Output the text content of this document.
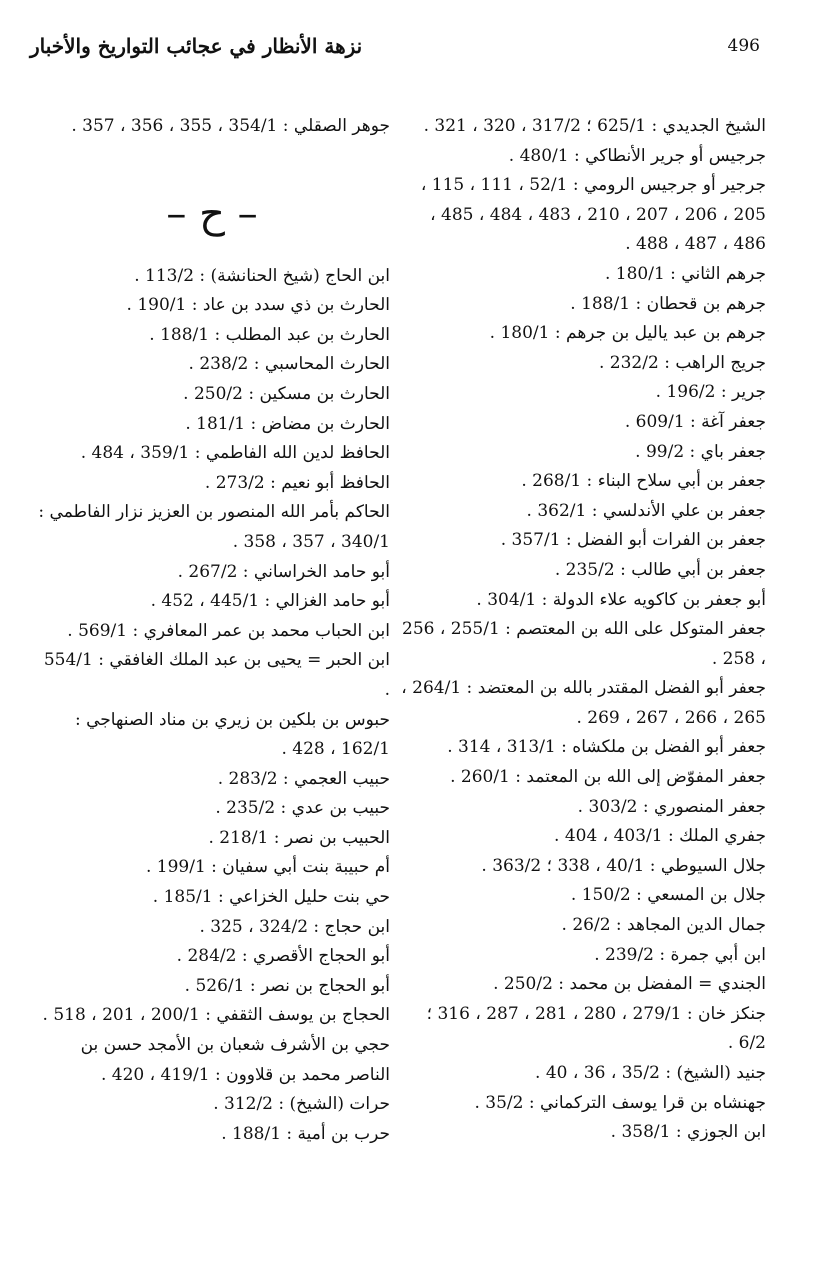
496
نزهة الأنظار في عجائب التواريخ والأخبار
الشيخ الجديدي : 625/1 ؛ 317/2 ، 320 ، 321 .
جرجيس أو جرير الأنطاكي : 480/1 .
جرجير أو جرجيس الرومي : 52/1 ، 111 ، 115 ، 205 ، 206 ، 207 ، 210 ، 483 ، 484 ، 485 ، 486 ، 487 ، 488 .
جرهم الثاني : 180/1 .
جرهم بن قحطان : 188/1 .
جرهم بن عبد ياليل بن جرهم : 180/1 .
جريج الراهب : 232/2 .
جرير : 196/2 .
جعفر آغة : 609/1 .
جعفر باي : 99/2 .
جعفر بن أبي سلاح البناء : 268/1 .
جعفر بن علي الأندلسي : 362/1 .
جعفر بن الفرات أبو الفضل : 357/1 .
جعفر بن أبي طالب : 235/2 .
أبو جعفر بن كاكويه علاء الدولة : 304/1 .
جعفر المتوكل على الله بن المعتصم : 255/1 ، 256 ، 258 .
جعفر أبو الفضل المقتدر بالله بن المعتضد : 264/1 ، 265 ، 266 ، 267 ، 269 .
جعفر أبو الفضل بن ملكشاه : 313/1 ، 314 .
جعفر المفوّض إلى الله بن المعتمد : 260/1 .
جعفر المنصوري : 303/2 .
جفري الملك : 403/1 ، 404 .
جلال السيوطي : 40/1 ، 338 ؛ 363/2 .
جلال بن المسعي : 150/2 .
جمال الدين المجاهد : 26/2 .
ابن أبي جمرة : 239/2 .
الجندي = المفضل بن محمد : 250/2 .
جنكز خان : 279/1 ، 280 ، 281 ، 287 ، 316 ؛ 6/2 .
جنيد (الشيخ) : 35/2 ، 36 ، 40 .
جهنشاه بن قرا يوسف التركماني : 35/2 .
ابن الجوزي : 358/1 .
جوهر الصقلي : 354/1 ، 355 ، 356 ، 357 .
– ح –
ابن الحاج (شيخ الحنانشة) : 113/2 .
الحارث بن ذي سدد بن عاد : 190/1 .
الحارث بن عبد المطلب : 188/1 .
الحارث المحاسبي : 238/2 .
الحارث بن مسكين : 250/2 .
الحارث بن مضاض : 181/1 .
الحافظ لدين الله الفاطمي : 359/1 ، 484 .
الحافظ أبو نعيم : 273/2 .
الحاكم بأمر الله المنصور بن العزيز نزار الفاطمي : 340/1 ، 357 ، 358 .
أبو حامد الخراساني : 267/2 .
أبو حامد الغزالي : 445/1 ، 452 .
ابن الحباب محمد بن عمر المعافري : 569/1 .
ابن الحبر = يحيى بن عبد الملك الغافقي : 554/1 .
حبوس بن بلكين بن زيري بن مناد الصنهاجي : 162/1 ، 428 .
حبيب العجمي : 283/2 .
حبيب بن عدي : 235/2 .
الحبيب بن نصر : 218/1 .
أم حبيبة بنت أبي سفيان : 199/1 .
حي بنت حليل الخزاعي : 185/1 .
ابن حجاج : 324/2 ، 325 .
أبو الحجاج الأقصري : 284/2 .
أبو الحجاج بن نصر : 526/1 .
الحجاج بن يوسف الثقفي : 200/1 ، 201 ، 518 .
حجي بن الأشرف شعبان بن الأمجد حسن بن الناصر محمد بن قلاوون : 419/1 ، 420 .
حرات (الشيخ) : 312/2 .
حرب بن أمية : 188/1 .
